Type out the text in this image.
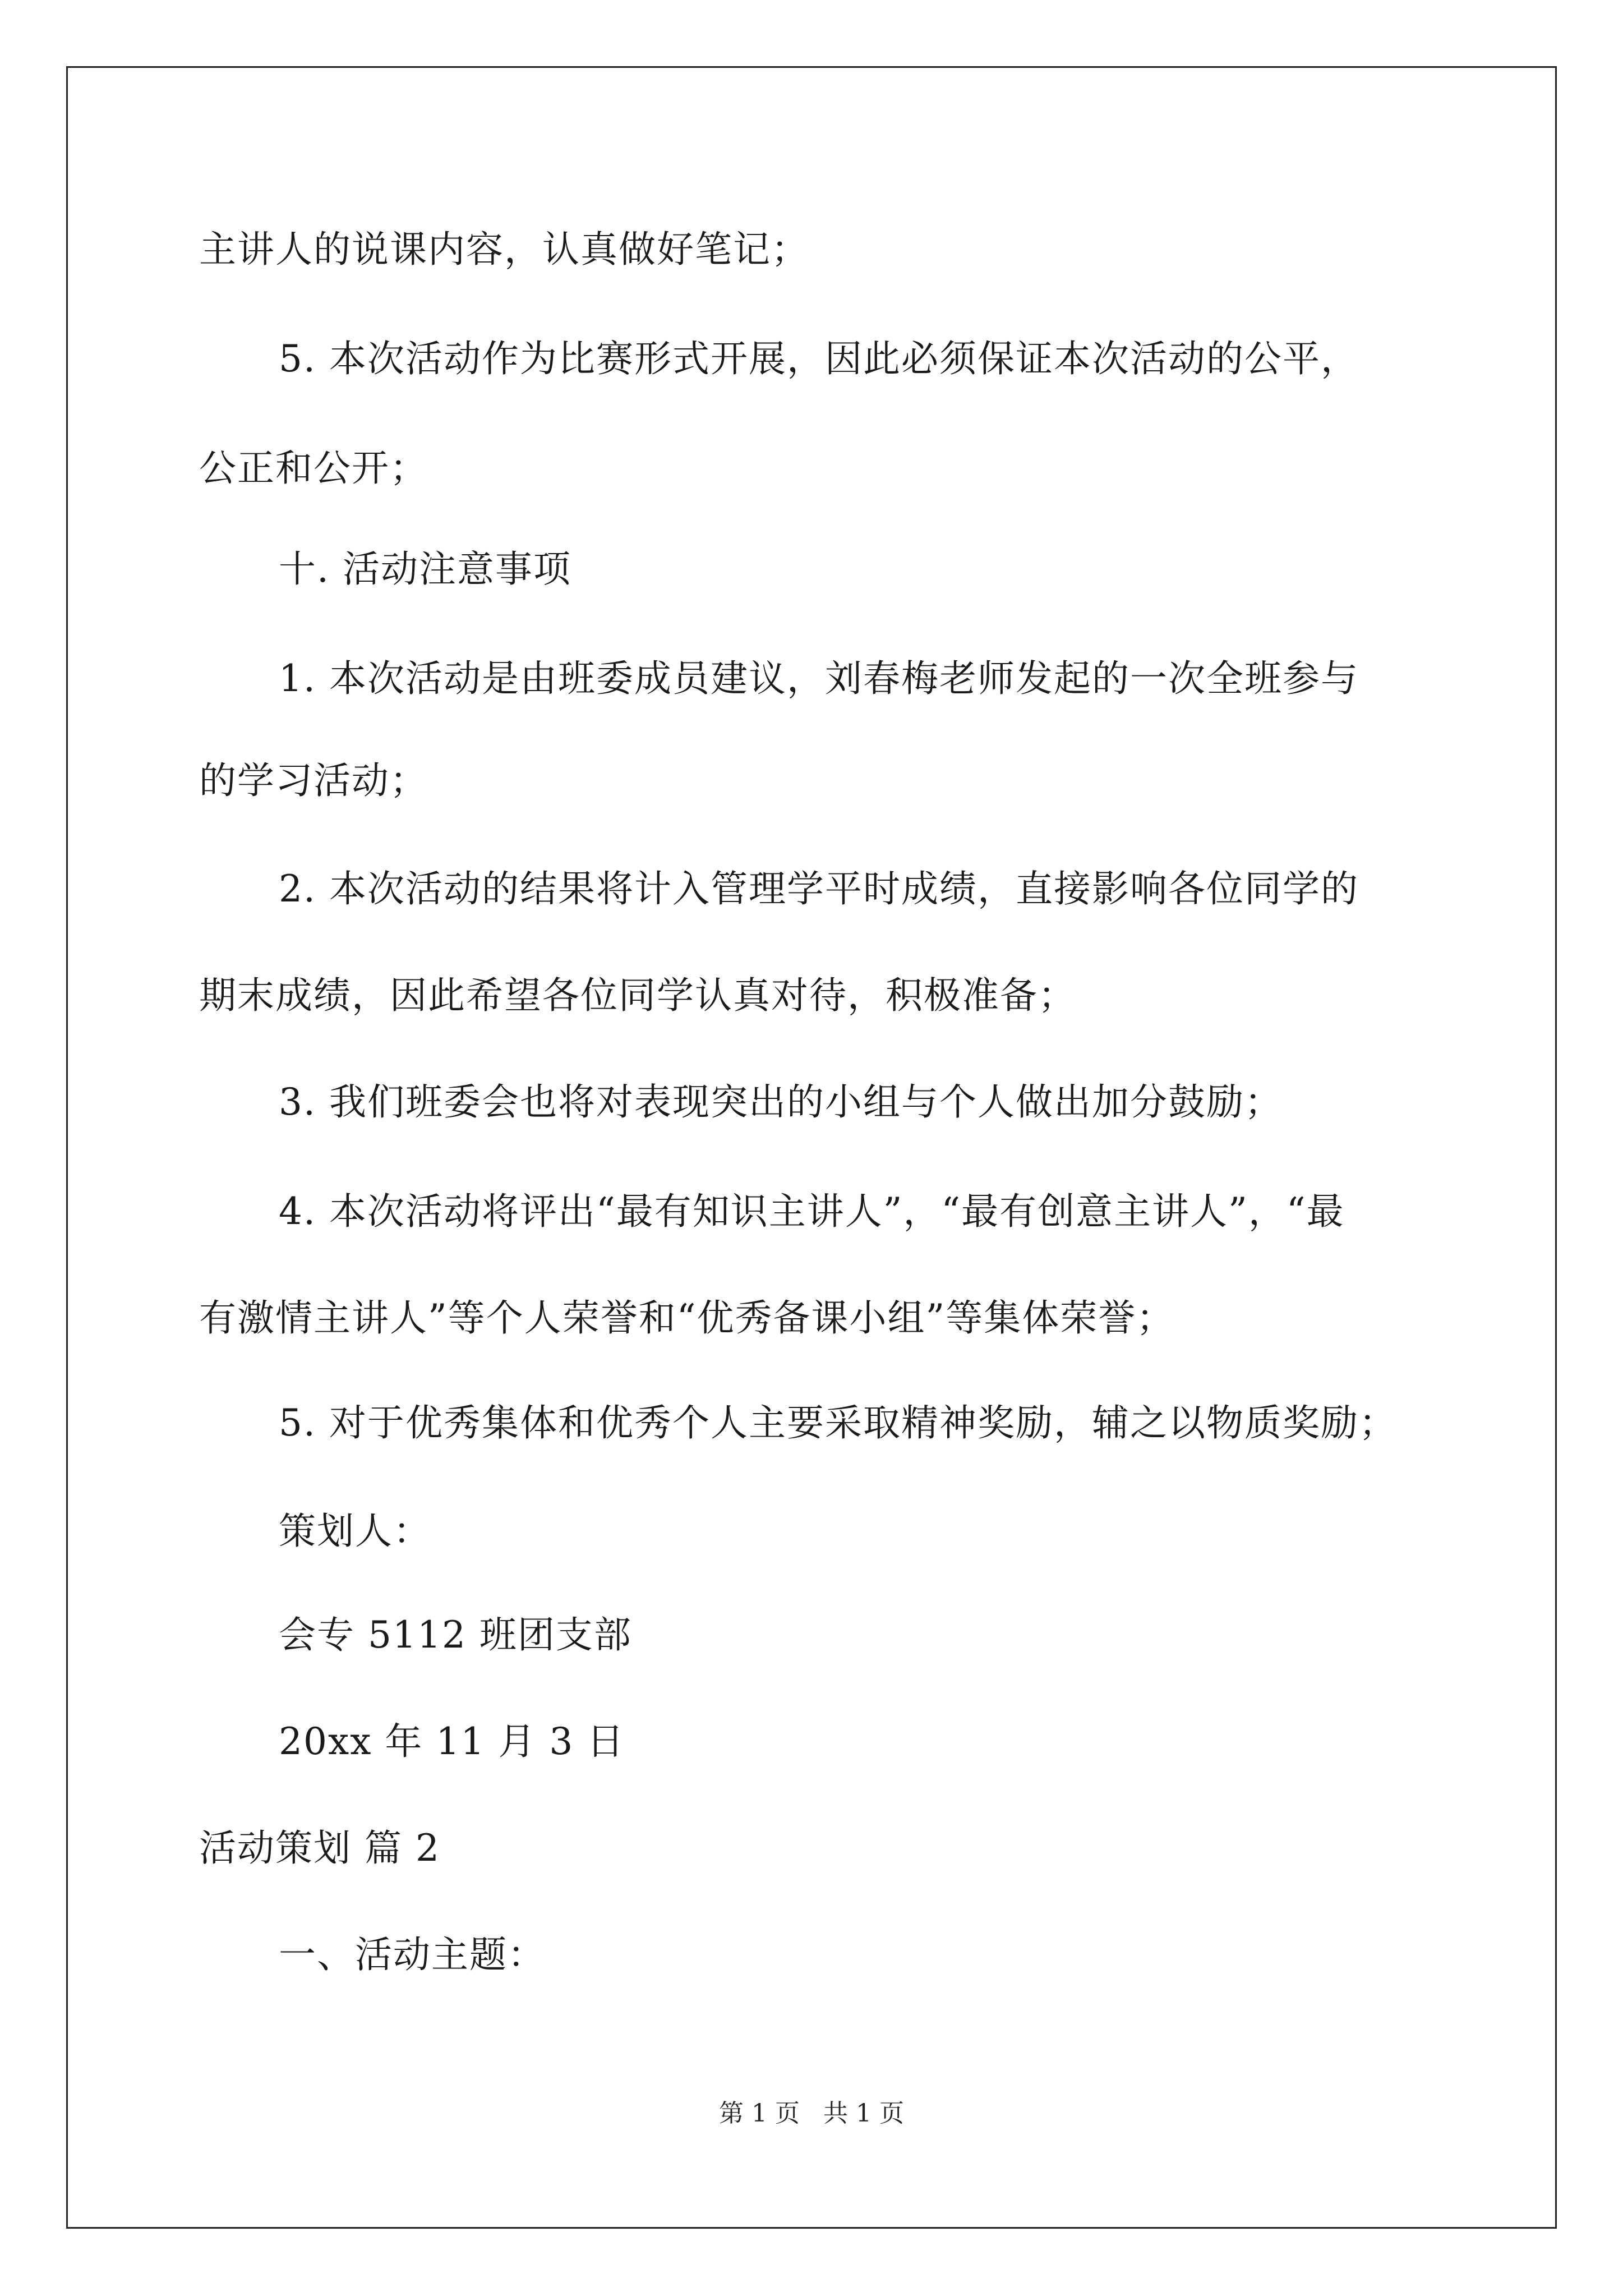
主讲人的说课内容，认真做好笔记；
5. 本次活动作为比赛形式开展，因此必须保证本次活动的公平，
公正和公开；
十. 活动注意事项
1. 本次活动是由班委成员建议，刘春梅老师发起的一次全班参与
的学习活动；
2. 本次活动的结果将计入管理学平时成绩，直接影响各位同学的
期末成绩，因此希望各位同学认真对待，积极准备；
3. 我们班委会也将对表现突出的小组与个人做出加分鼓励；
4. 本次活动将评出“最有知识主讲人”，“最有创意主讲人”，“最
有激情主讲人”等个人荣誉和“优秀备课小组”等集体荣誉；
5. 对于优秀集体和优秀个人主要采取精神奖励，辅之以物质奖励；
策划人：
会专 5112 班团支部
20xx 年 11 月 3 日
活动策划 篇 2
一、活动主题：
第 1 页   共 1 页
